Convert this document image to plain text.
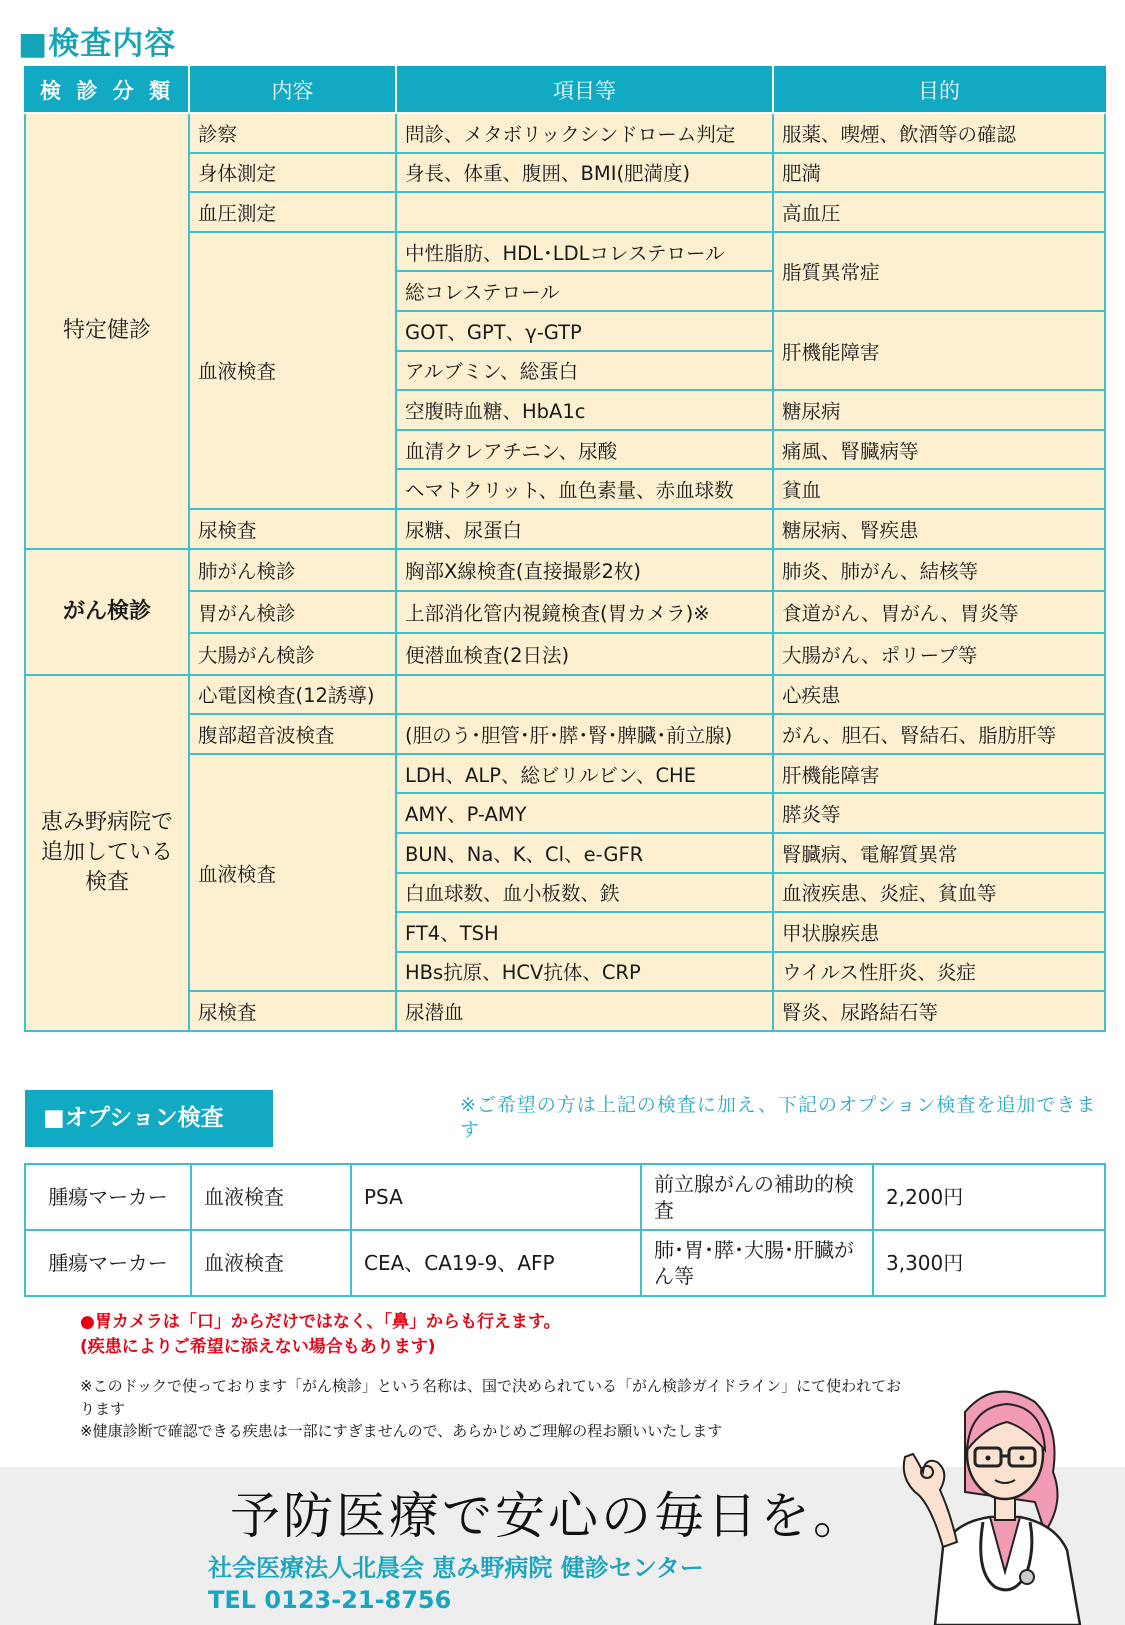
■検査内容
検 診 分 類	内容	項目等	目的
特定健診	診察	問診、メタボリックシンドローム判定	服薬、喫煙、飲酒等の確認
	身体測定	身長、体重、腹囲、BMI(肥満度)	肥満
	血圧測定		高血圧
	血液検査	中性脂肪、HDL･LDLコレステロール	脂質異常症
		総コレステロール	
		GOT、GPT、γ-GTP	肝機能障害
		アルブミン、総蛋白	
		空腹時血糖、HbA1c	糖尿病
		血清クレアチニン、尿酸	痛風、腎臓病等
		ヘマトクリット、血色素量、赤血球数	貧血
	尿検査	尿糖、尿蛋白	糖尿病、腎疾患
がん検診	肺がん検診	胸部X線検査(直接撮影2枚)	肺炎、肺がん、結核等
	胃がん検診	上部消化管内視鏡検査(胃カメラ)※	食道がん、胃がん、胃炎等
	大腸がん検診	便潜血検査(2日法)	大腸がん、ポリープ等
恵み野病院で
追加している
検査	心電図検査(12誘導)		心疾患
	腹部超音波検査	(胆のう･胆管･肝･膵･腎･脾臓･前立腺)	がん、胆石、腎結石、脂肪肝等
	血液検査	LDH、ALP、総ビリルビン、CHE	肝機能障害
		AMY、P-AMY	膵炎等
		BUN、Na、K、Cl、e-GFR	腎臓病、電解質異常
		白血球数、血小板数、鉄	血液疾患、炎症、貧血等
		FT4、TSH	甲状腺疾患
		HBs抗原、HCV抗体、CRP	ウイルス性肝炎、炎症
	尿検査	尿潜血	腎炎、尿路結石等
■オプション検査	※ご希望の方は上記の検査に加え、下記のオプション検査を追加できます
腫瘍マーカー	血液検査	PSA	前立腺がんの補助的検査	2,200円
腫瘍マーカー	血液検査	CEA、CA19-9、AFP	肺･胃･膵･大腸･肝臓がん等	3,300円
●胃カメラは「口」からだけではなく、「鼻」からも行えます。
(疾患によりご希望に添えない場合もあります)
※このドックで使っております「がん検診」という名称は、国で決められている「がん検診ガイドライン」にて使われております
※健康診断で確認できる疾患は一部にすぎませんので、あらかじめご理解の程お願いいたします
予防医療で安心の毎日を。
社会医療法人北晨会 恵み野病院 健診センター
TEL 0123-21-8756
